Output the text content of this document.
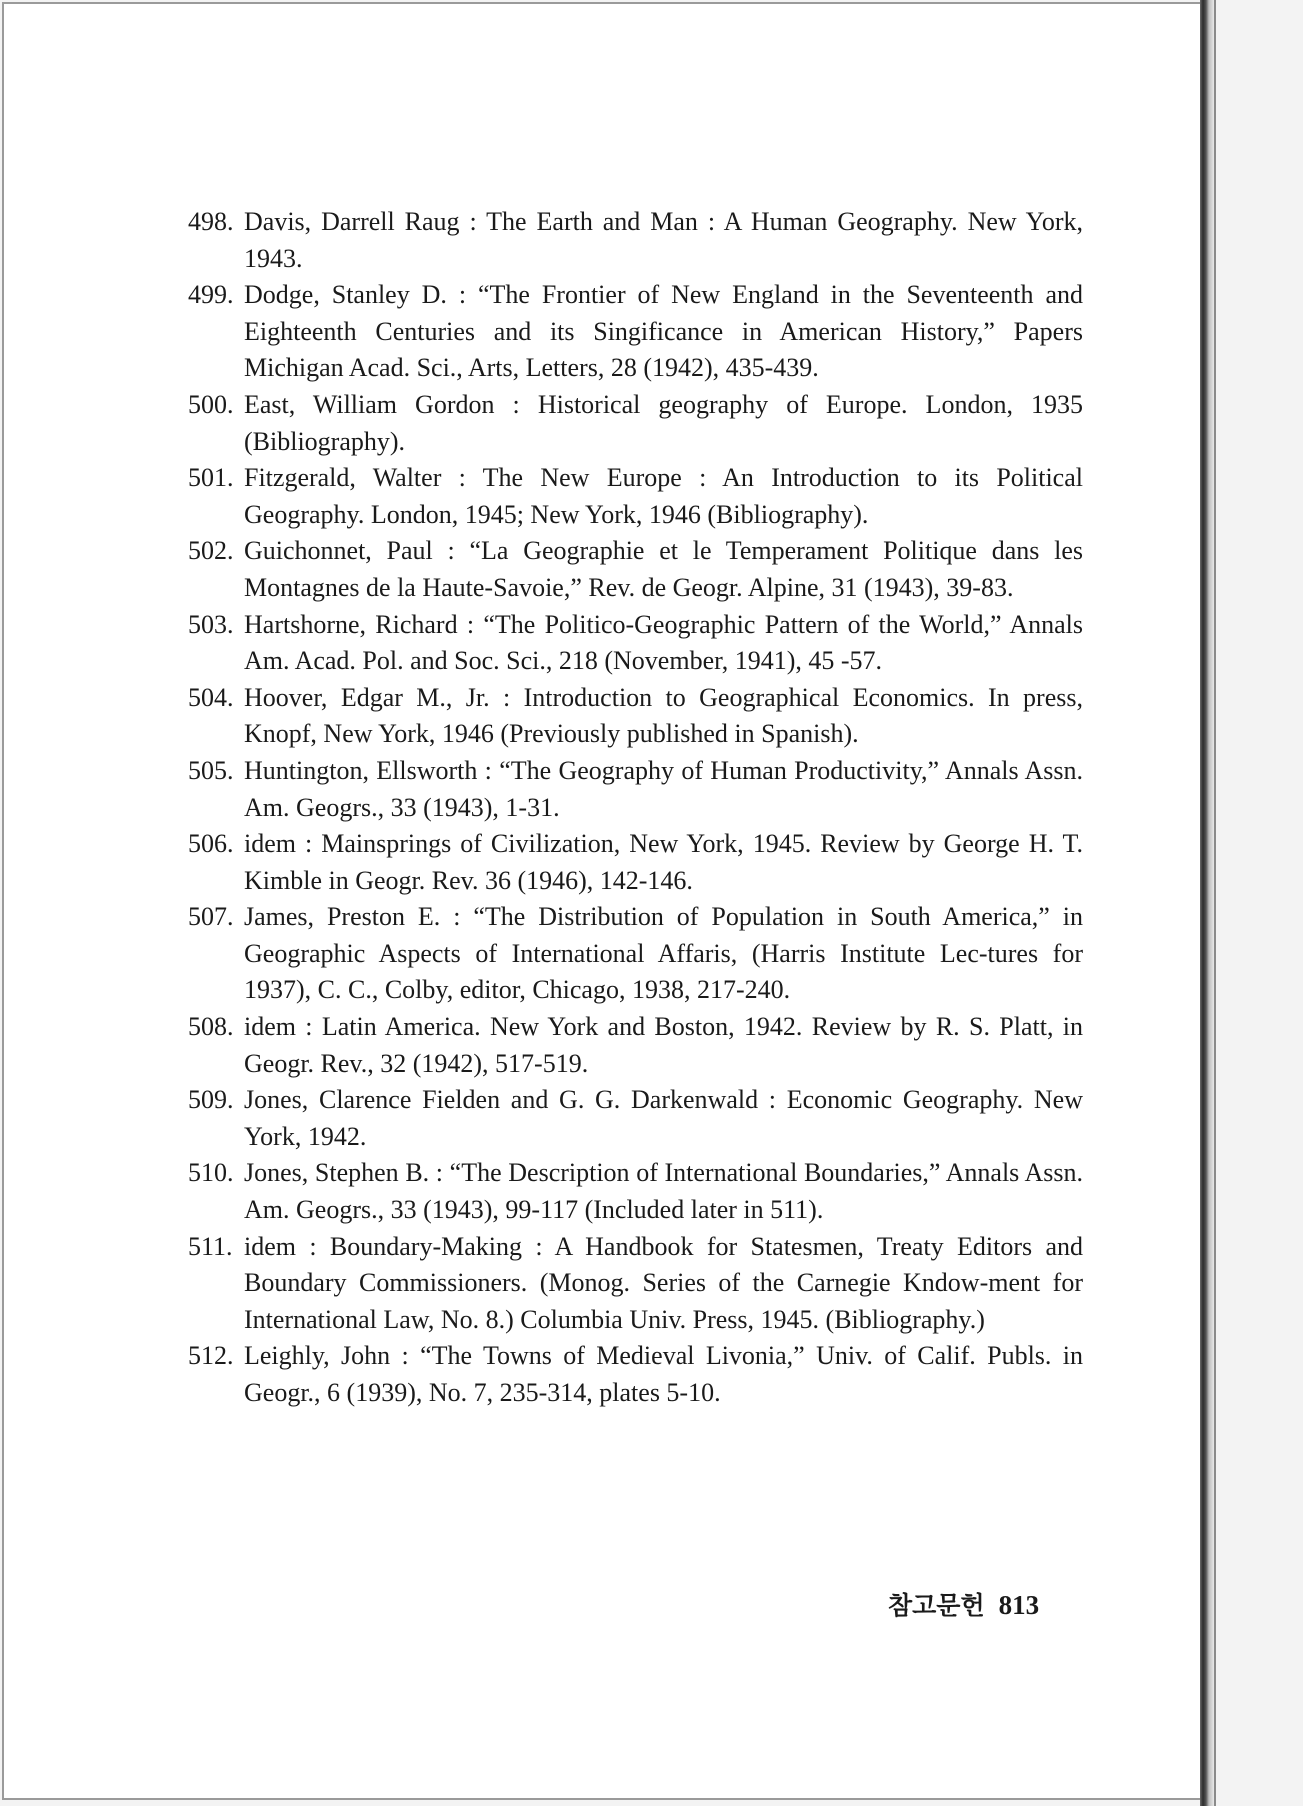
498. Davis, Darrell Raug : The Earth and Man : A Human Geography. New York, 1943.
499. Dodge, Stanley D. : “The Frontier of New England in the Seventeenth and Eighteenth Centuries and its Singificance in American History,” Papers Michigan Acad. Sci., Arts, Letters, 28 (1942), 435-439.
500. East, William Gordon : Historical geography of Europe. London, 1935 (Bibliography).
501. Fitzgerald, Walter : The New Europe : An Introduction to its Political Geography. London, 1945; New York, 1946 (Bibliography).
502. Guichonnet, Paul : “La Geographie et le Temperament Politique dans les Montagnes de la Haute-Savoie,” Rev. de Geogr. Alpine, 31 (1943), 39-83.
503. Hartshorne, Richard : “The Politico-Geographic Pattern of the World,” Annals Am. Acad. Pol. and Soc. Sci., 218 (November, 1941), 45 -57.
504. Hoover, Edgar M., Jr. : Introduction to Geographical Economics. In press, Knopf, New York, 1946 (Previously published in Spanish).
505. Huntington, Ellsworth : “The Geography of Human Productivity,” Annals Assn. Am. Geogrs., 33 (1943), 1-31.
506. idem : Mainsprings of Civilization, New York, 1945. Review by George H. T. Kimble in Geogr. Rev. 36 (1946), 142-146.
507. James, Preston E. : “The Distribution of Population in South America,” in Geographic Aspects of International Affaris, (Harris Institute Lec-tures for 1937), C. C., Colby, editor, Chicago, 1938, 217-240.
508. idem : Latin America. New York and Boston, 1942. Review by R. S. Platt, in Geogr. Rev., 32 (1942), 517-519.
509. Jones, Clarence Fielden and G. G. Darkenwald : Economic Geography. New York, 1942.
510. Jones, Stephen B. : “The Description of International Boundaries,” Annals Assn. Am. Geogrs., 33 (1943), 99-117 (Included later in 511).
511. idem : Boundary-Making : A Handbook for Statesmen, Treaty Editors and Boundary Commissioners. (Monog. Series of the Carnegie Kndow-ment for International Law, No. 8.) Columbia Univ. Press, 1945. (Bibliography.)
512. Leighly, John : “The Towns of Medieval Livonia,” Univ. of Calif. Publs. in Geogr., 6 (1939), No. 7, 235-314, plates 5-10.
참고문헌 813
